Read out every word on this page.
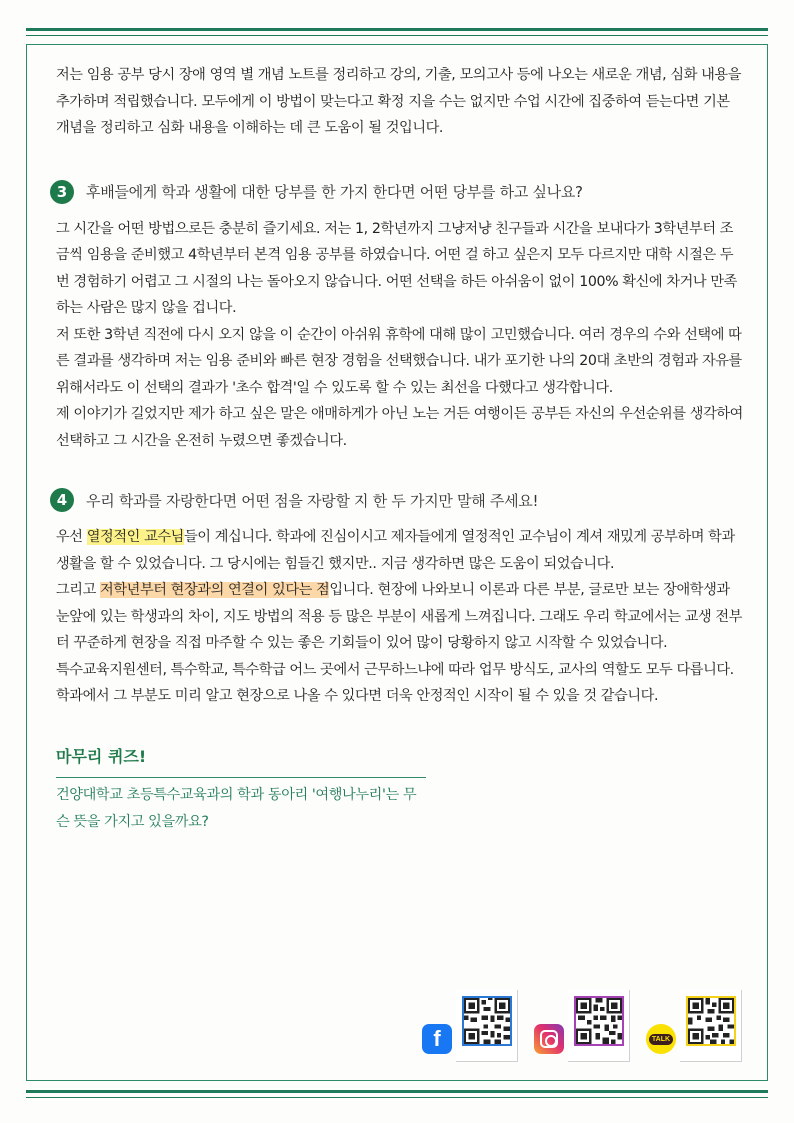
저는 임용 공부 당시 장애 영역 별 개념 노트를 정리하고 강의, 기출, 모의고사 등에 나오는 새로운 개념, 심화 내용을 추가하며 적립했습니다. 모두에게 이 방법이 맞는다고 확정 지을 수는 없지만 수업 시간에 집중하여 듣는다면 기본 개념을 정리하고 심화 내용을 이해하는 데 큰 도움이 될 것입니다.

3	후배들에게 학과 생활에 대한 당부를 한 가지 한다면 어떤 당부를 하고 싶나요?

그 시간을 어떤 방법으로든 충분히 즐기세요. 저는 1, 2학년까지 그냥저냥 친구들과 시간을 보내다가 3학년부터 조금씩 임용을 준비했고 4학년부터 본격 임용 공부를 하였습니다. 어떤 걸 하고 싶은지 모두 다르지만 대학 시절은 두 번 경험하기 어렵고 그 시절의 나는 돌아오지 않습니다. 어떤 선택을 하든 아쉬움이 없이 100% 확신에 차거나 만족하는 사람은 많지 않을 겁니다.

저 또한 3학년 직전에 다시 오지 않을 이 순간이 아쉬워 휴학에 대해 많이 고민했습니다. 여러 경우의 수와 선택에 따른 결과를 생각하며 저는 임용 준비와 빠른 현장 경험을 선택했습니다. 내가 포기한 나의 20대 초반의 경험과 자유를 위해서라도 이 선택의 결과가 '초수 합격'일 수 있도록 할 수 있는 최선을 다했다고 생각합니다.

제 이야기가 길었지만 제가 하고 싶은 말은 애매하게가 아닌 노는 거든 여행이든 공부든 자신의 우선순위를 생각하여 선택하고 그 시간을 온전히 누렸으면 좋겠습니다.

4	우리 학과를 자랑한다면 어떤 점을 자랑할 지 한 두 가지만 말해 주세요!

우선 열정적인 교수님들이 계십니다. 학과에 진심이시고 제자들에게 열정적인 교수님이 계셔 재밌게 공부하며 학과 생활을 할 수 있었습니다. 그 당시에는 힘들긴 했지만.. 지금 생각하면 많은 도움이 되었습니다.

그리고 저학년부터 현장과의 연결이 있다는 점입니다. 현장에 나와보니 이론과 다른 부분, 글로만 보는 장애학생과 눈앞에 있는 학생과의 차이, 지도 방법의 적용 등 많은 부분이 새롭게 느껴집니다. 그래도 우리 학교에서는 교생 전부터 꾸준하게 현장을 직접 마주할 수 있는 좋은 기회들이 있어 많이 당황하지 않고 시작할 수 있었습니다.

특수교육지원센터, 특수학교, 특수학급 어느 곳에서 근무하느냐에 따라 업무 방식도, 교사의 역할도 모두 다릅니다. 학과에서 그 부분도 미리 알고 현장으로 나올 수 있다면 더욱 안정적인 시작이 될 수 있을 것 같습니다.

마무리 퀴즈!

건양대학교 초등특수교육과의 학과 동아리 '여행나누리'는 무슨 뜻을 가지고 있을까요?

f	TALK
